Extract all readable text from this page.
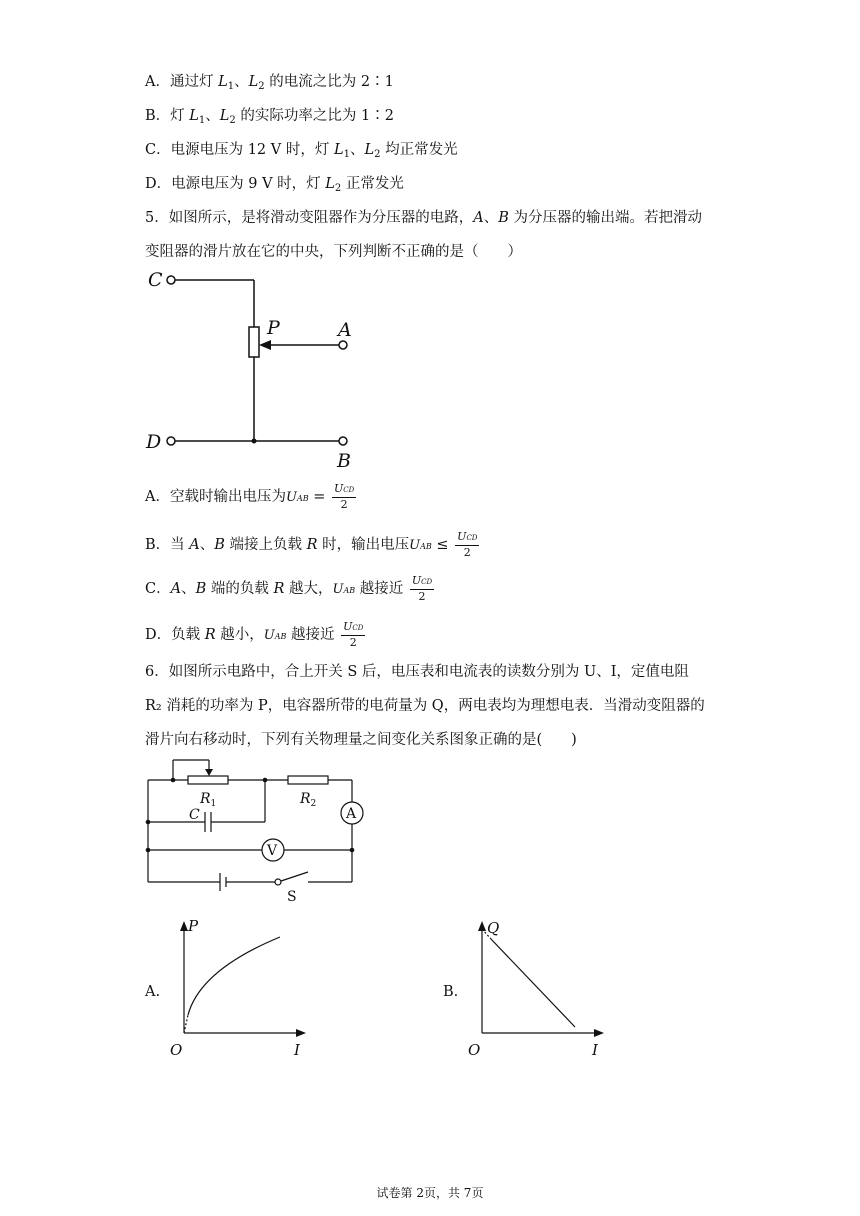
A．通过灯 $L_1$、$L_2$ 的电流之比为 2∶1
B．灯 $L_1$、$L_2$ 的实际功率之比为 1∶2
C．电源电压为 12 V 时，灯 $L_1$、$L_2$ 均正常发光
D．电源电压为 9 V 时，灯 $L_2$ 正常发光
5．如图所示，是将滑动变阻器作为分压器的电路，A、B 为分压器的输出端。若把滑动
变阻器的滑片放在它的中央，下列判断不正确的是（　　）
C
P	A
D
B
A．空载时输出电压为UAB = $\frac{\text{UCD}}{2}$
B．当 A、B 端接上负载 R 时，输出电压UAB ≤ $\frac{\text{UCD}}{2}$
C．A、B 端的负载 R 越大，UAB 越接近 $\frac{\text{UCD}}{2}$
D．负载 R 越小，UAB 越接近 $\frac{\text{UCD}}{2}$
6．如图所示电路中，合上开关 S 后，电压表和电流表的读数分别为 U、I，定值电阻
R₂ 消耗的功率为 P，电容器所带的电荷量为 Q，两电表均为理想电表．当滑动变阻器的
滑片向右移动时，下列有关物理量之间变化关系图象正确的是(　　)
A
V
$R_1$	$R_2$
C
S
A.
P
I
O
B.
Q
I
O
试卷第 2页，共 7页
